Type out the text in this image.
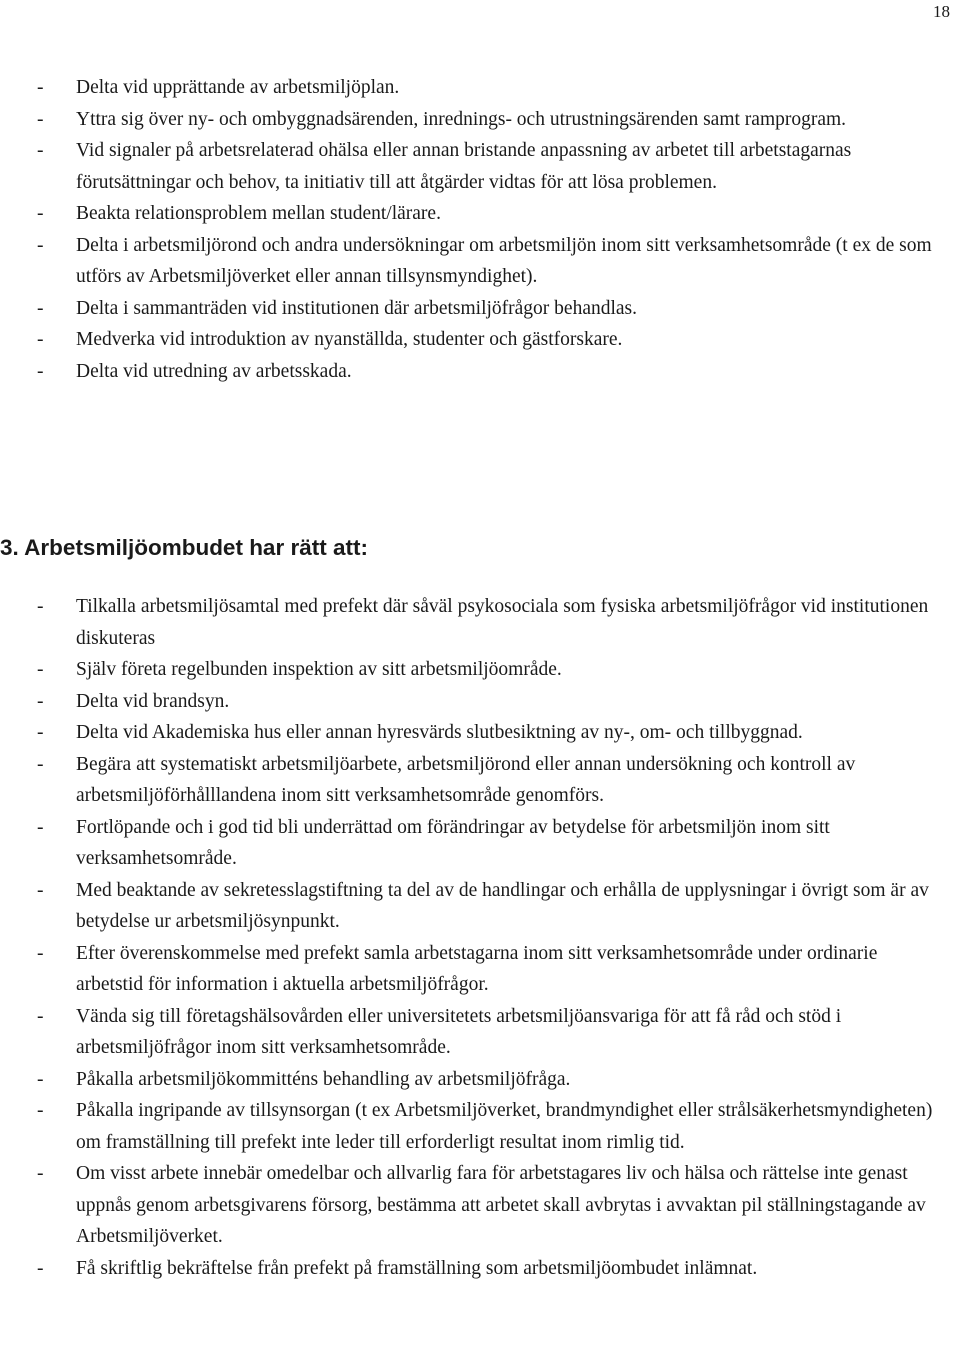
18
- Delta vid upprättande av arbetsmiljöplan.
- Yttra sig över ny- och ombyggnadsärenden, inrednings- och utrustningsärenden samt ramprogram.
- Vid signaler på arbetsrelaterad ohälsa eller annan bristande anpassning av arbetet till arbetstagarnas förutsättningar och behov, ta initiativ till att åtgärder vidtas för att lösa problemen.
- Beakta relationsproblem mellan student/lärare.
- Delta i arbetsmiljörond och andra undersökningar om arbetsmiljön inom sitt verksamhetsområde (t ex de som utförs av Arbetsmiljöverket eller annan tillsynsmyndighet).
- Delta i sammanträden vid institutionen där arbetsmiljöfrågor behandlas.
- Medverka vid introduktion av nyanställda, studenter och gästforskare.
- Delta vid utredning av arbetsskada.
3. Arbetsmiljöombudet har rätt att:
- Tilkalla arbetsmiljösamtal med prefekt där såväl psykosociala som fysiska arbetsmiljöfrågor vid institutionen diskuteras
- Själv företa regelbunden inspektion av sitt arbetsmiljöområde.
- Delta vid brandsyn.
- Delta vid Akademiska hus eller annan hyresvärds slutbesiktning av ny-, om- och tillbyggnad.
- Begära att systematiskt arbetsmiljöarbete, arbetsmiljörond eller annan undersökning och kontroll av arbetsmiljöförhålllandena inom sitt verksamhetsområde genomförs.
- Fortlöpande och i god tid bli underrättad om förändringar av betydelse för arbetsmiljön inom sitt verksamhetsområde.
- Med beaktande av sekretesslagstiftning ta del av de handlingar och erhålla de upplysningar i övrigt som är av betydelse ur arbetsmiljösynpunkt.
- Efter överenskommelse med prefekt samla arbetstagarna inom sitt verksamhetsområde under ordinarie arbetstid för information i aktuella arbetsmiljöfrågor.
- Vända sig till företagshälsovården eller universitetets arbetsmiljöansvariga för att få råd och stöd i arbetsmiljöfrågor inom sitt verksamhetsområde.
- Påkalla arbetsmiljökommitténs behandling av arbetsmiljöfråga.
- Påkalla ingripande av tillsynsorgan (t ex Arbetsmiljöverket, brandmyndighet eller strålsäkerhetsmyndigheten) om framställning till prefekt inte leder till erforderligt resultat inom rimlig tid.
- Om visst arbete innebär omedelbar och allvarlig fara för arbetstagares liv och hälsa och rättelse inte genast uppnås genom arbetsgivarens försorg, bestämma att arbetet skall avbrytas i avvaktan pil ställningstagande av Arbetsmiljöverket.
- Få skriftlig bekräftelse från prefekt på framställning som arbetsmiljöombudet inlämnat.
